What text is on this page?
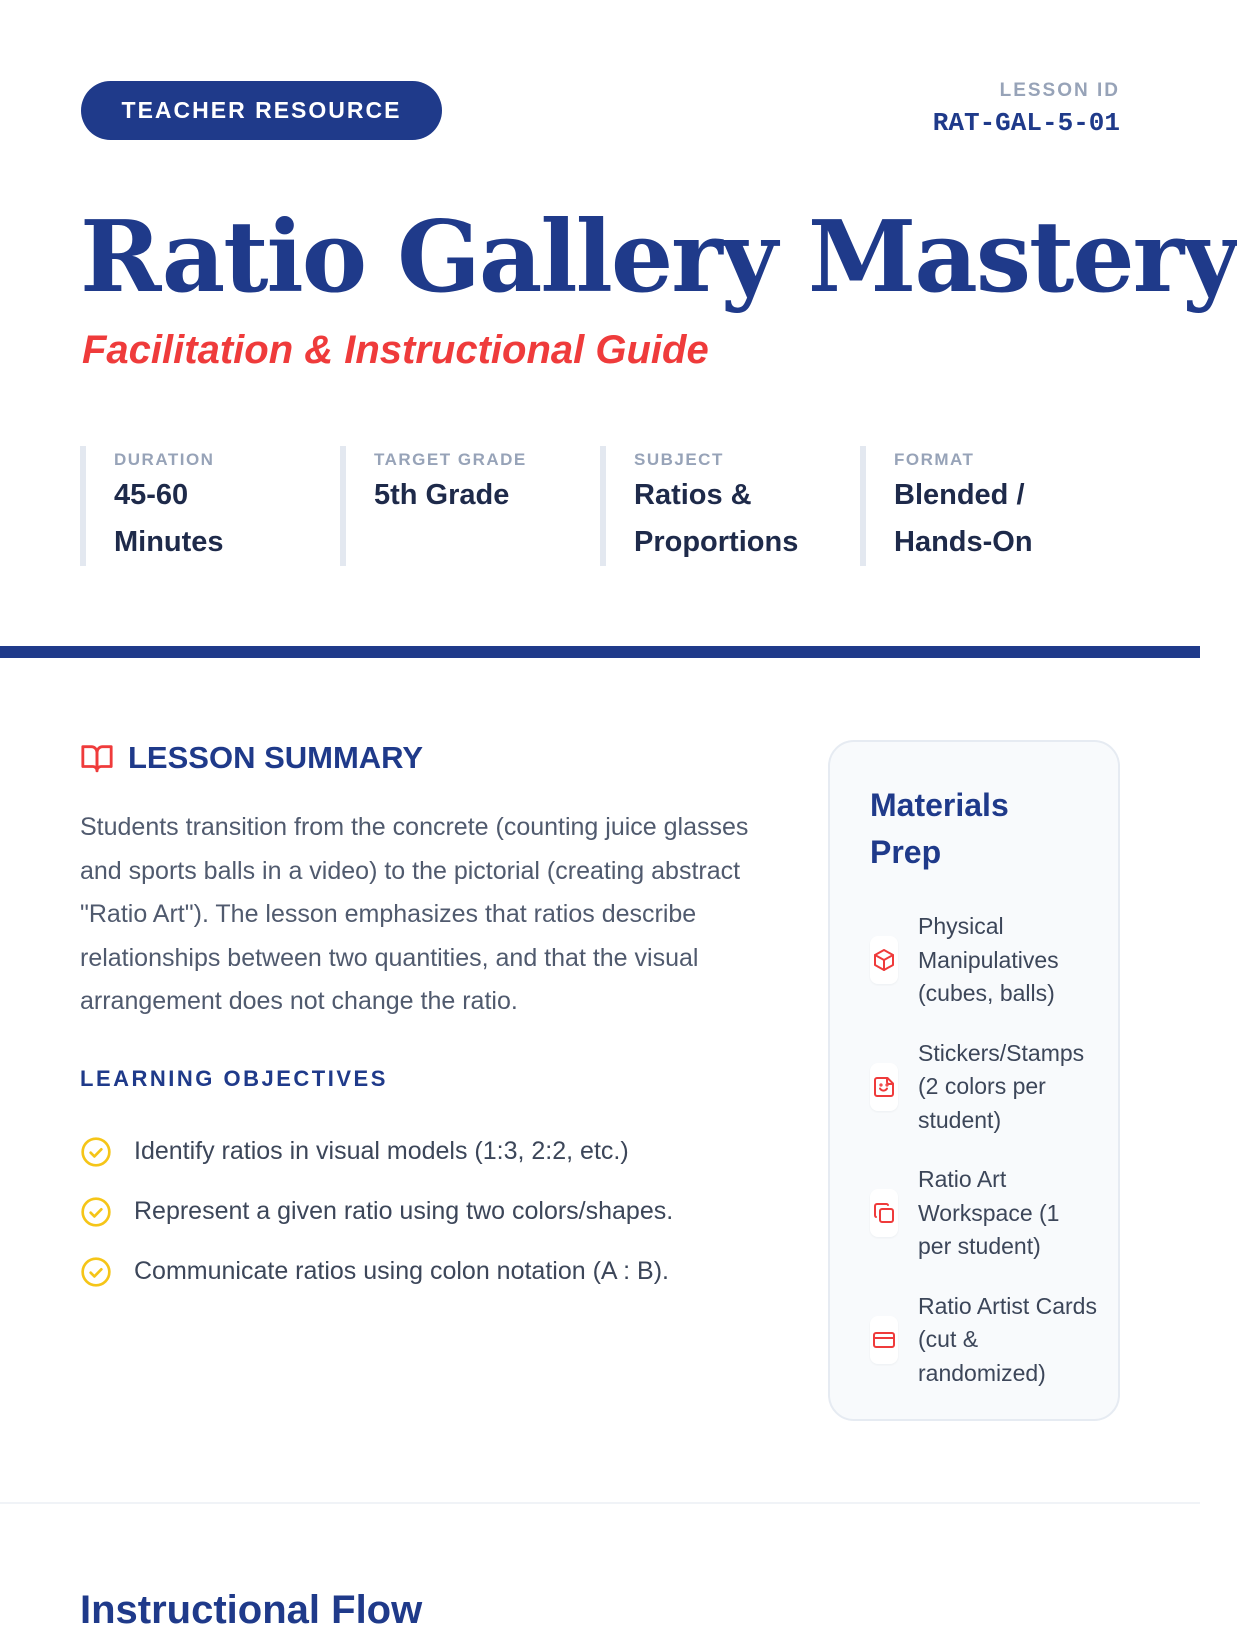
TEACHER RESOURCE
LESSON ID
RAT-GAL-5-01
Ratio Gallery Mastery
Facilitation & Instructional Guide
DURATION
45-60 Minutes
TARGET GRADE
5th Grade
SUBJECT
Ratios & Proportions
FORMAT
Blended / Hands-On
LESSON SUMMARY

Students transition from the concrete (counting juice glasses and sports balls in a video) to the pictorial (creating abstract "Ratio Art"). The lesson emphasizes that ratios describe relationships between two quantities, and that the visual arrangement does not change the ratio.

LEARNING OBJECTIVES
Identify ratios in visual models (1:3, 2:2, etc.)
Represent a given ratio using two colors/shapes.
Communicate ratios using colon notation (A : B).
Materials Prep
Physical Manipulatives (cubes, balls)
Stickers/Stamps (2 colors per student)
Ratio Art Workspace (1 per student)
Ratio Artist Cards (cut & randomized)
Instructional Flow
